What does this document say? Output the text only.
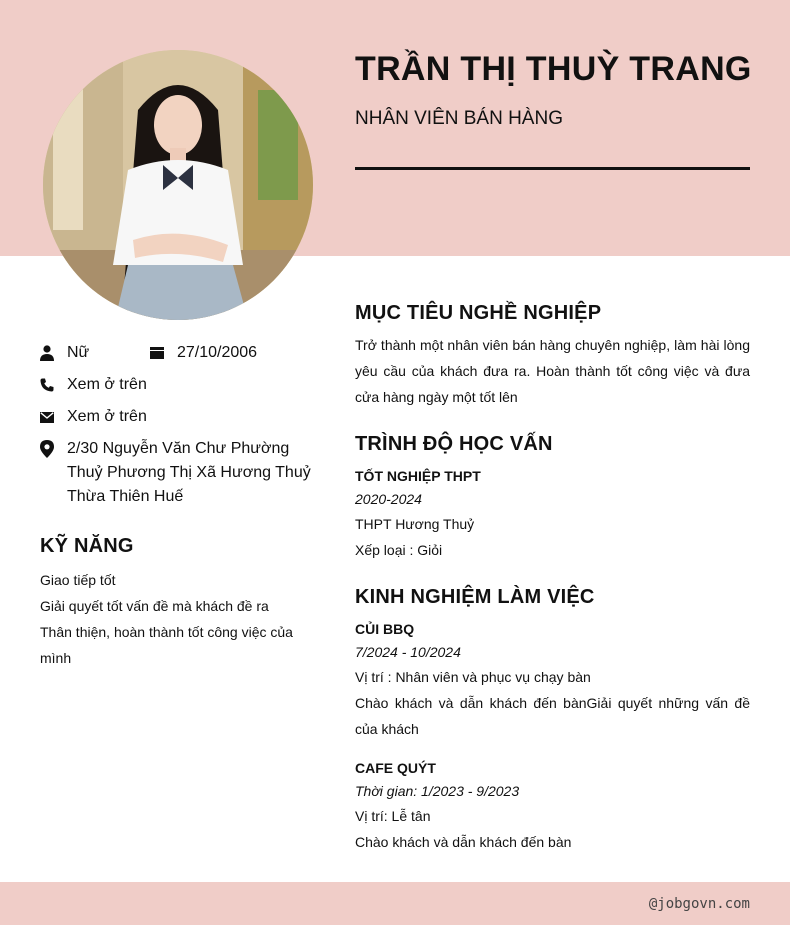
TRẦN THỊ THUỲ TRANG
NHÂN VIÊN BÁN HÀNG
Nữ	27/10/2006
Xem ở trên
Xem ở trên
2/30 Nguyễn Văn Chư Phường Thuỷ Phương Thị Xã Hương Thuỷ Thừa Thiên Huế
KỸ NĂNG
Giao tiếp tốt
Giải quyết tốt vấn đề mà khách đề ra
Thân thiện, hoàn thành tốt công việc của mình
MỤC TIÊU NGHỀ NGHIỆP
Trở thành một nhân viên bán hàng chuyên nghiệp, làm hài lòng yêu cầu của khách đưa ra. Hoàn thành tốt công việc và đưa cửa hàng ngày một tốt lên
TRÌNH ĐỘ HỌC VẤN
TỐT NGHIỆP THPT
2020-2024
THPT Hương Thuỷ
Xếp loại : Giỏi
KINH NGHIỆM LÀM VIỆC
CỦI BBQ
7/2024 - 10/2024
Vị trí : Nhân viên và phục vụ chạy bàn
Chào khách và dẫn khách đến bànGiải quyết những vấn đề của khách
CAFE QUÝT
Thời gian: 1/2023 - 9/2023
Vị trí: Lễ tân
Chào khách và dẫn khách đến bàn
@jobgovn.com
